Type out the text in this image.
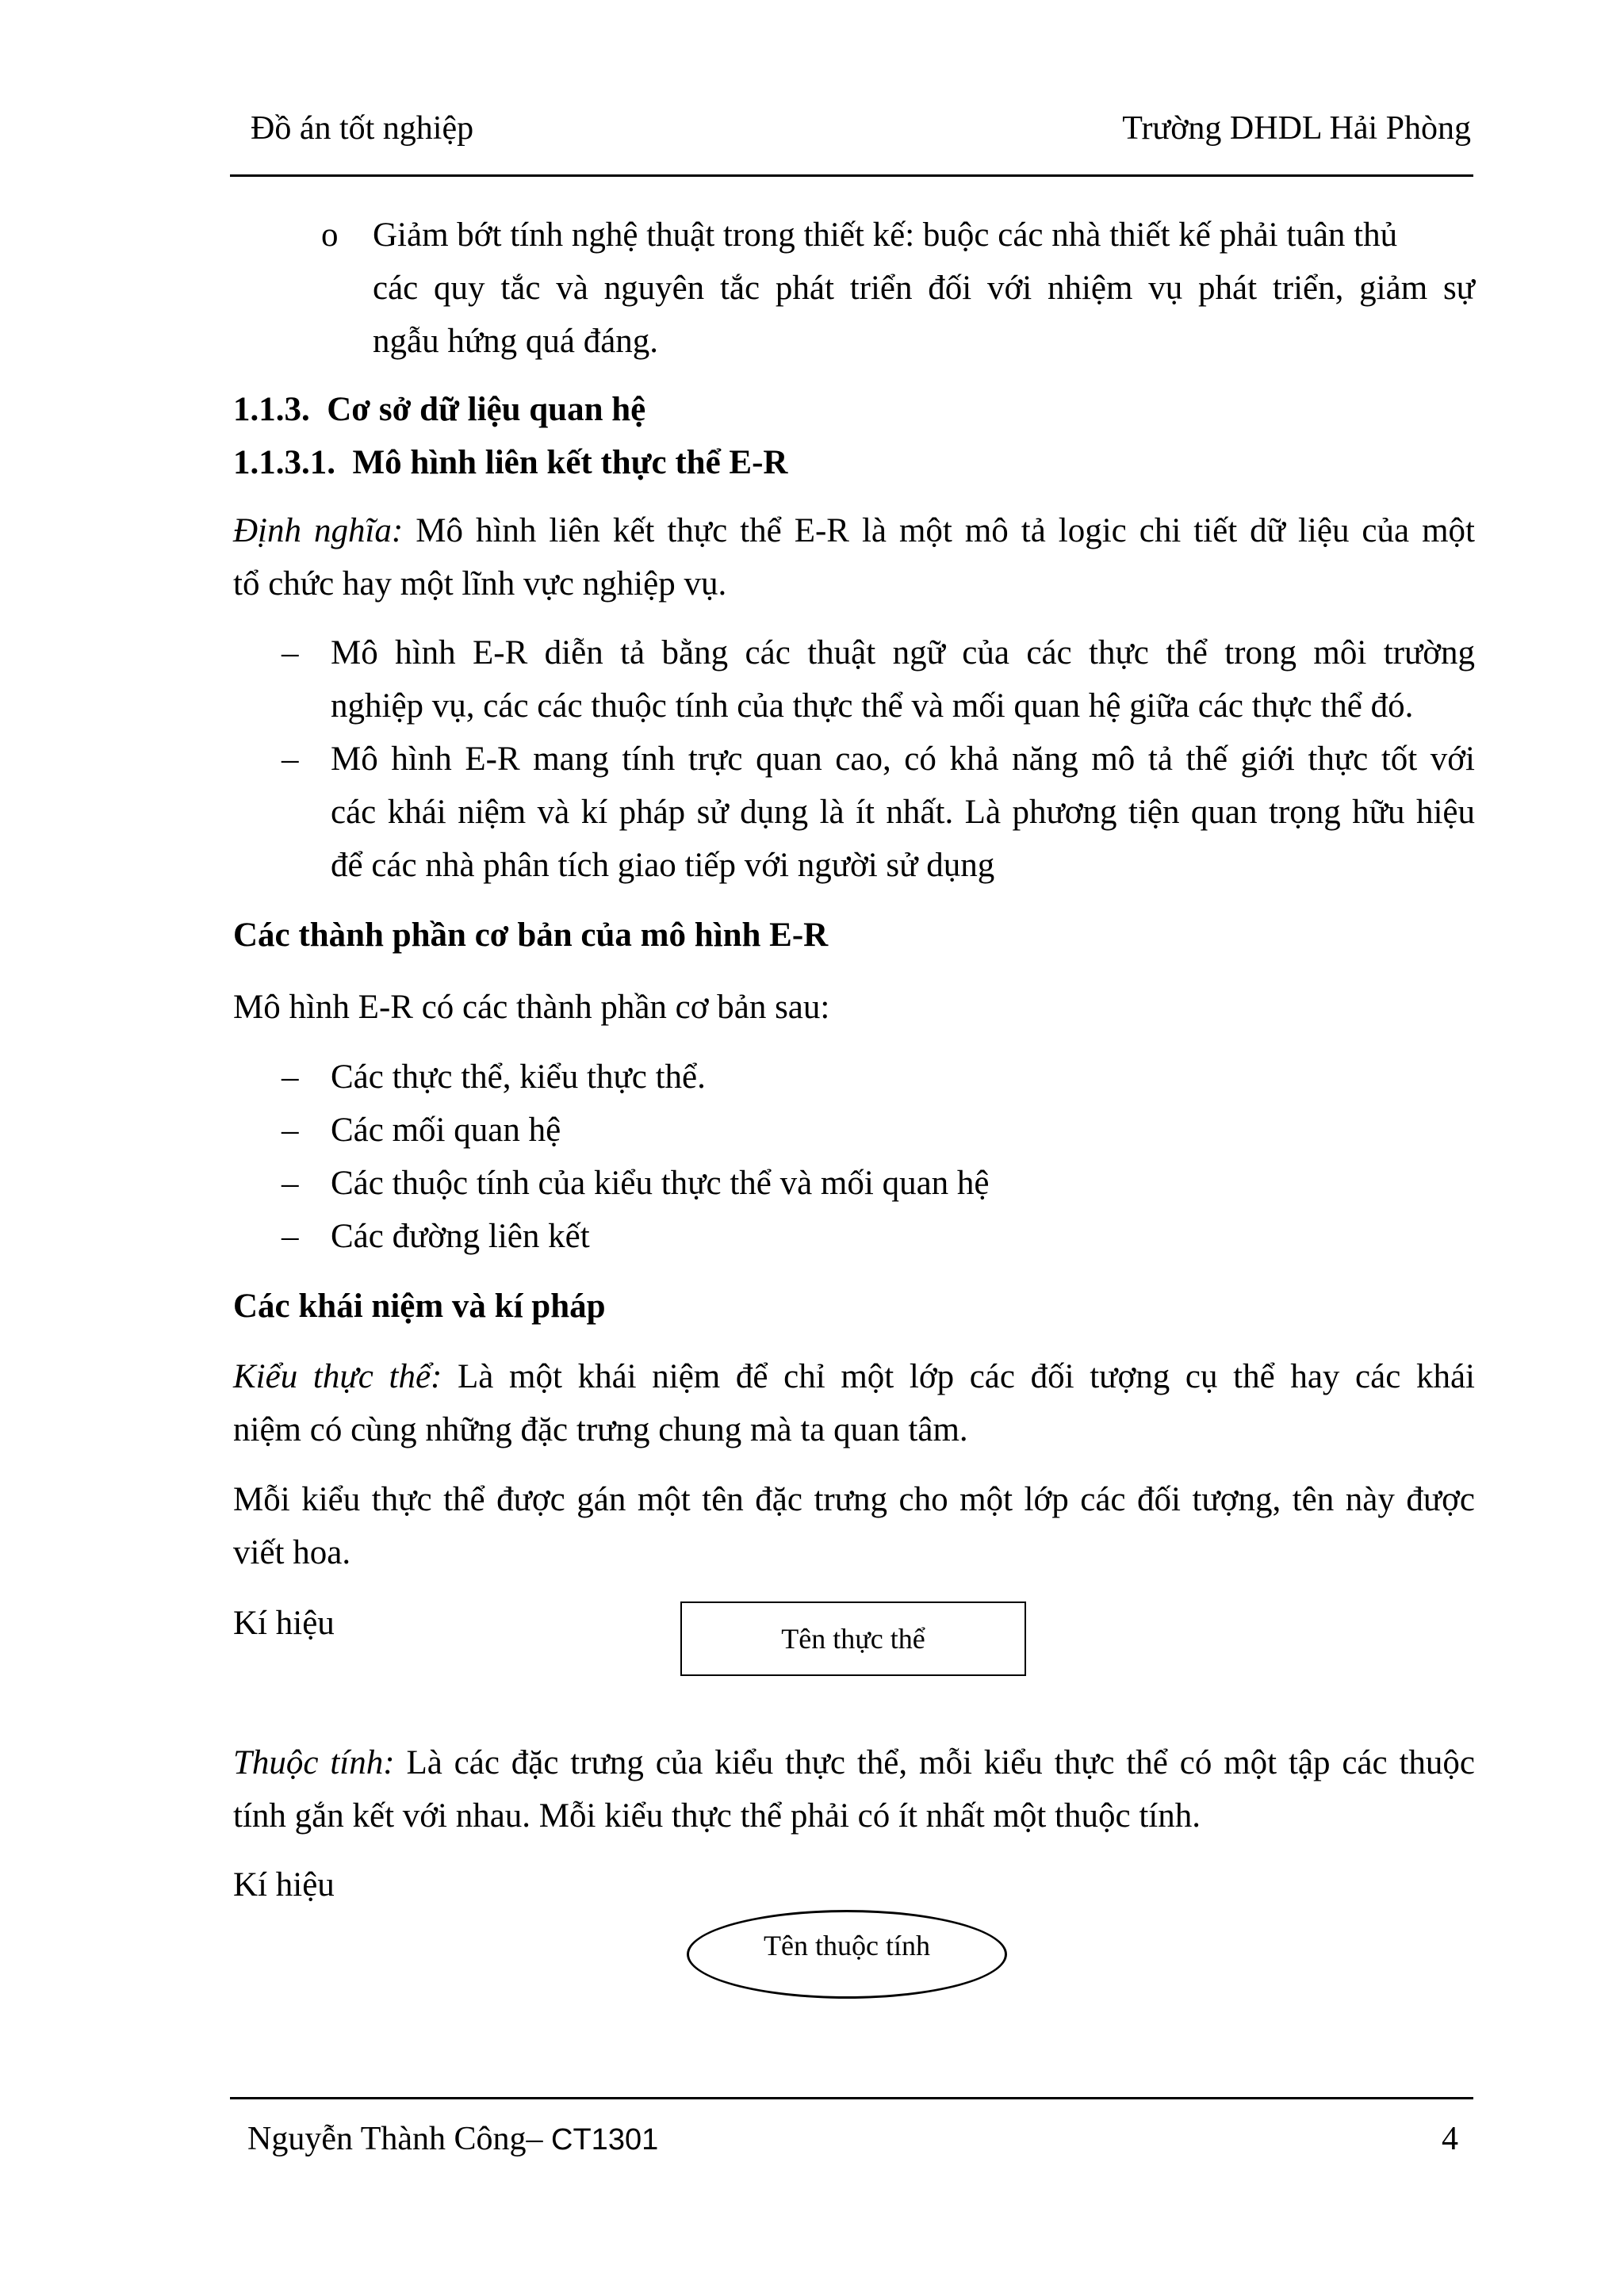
Đồ án tốt nghiệp	Trường DHDL Hải Phòng
o Giảm bớt tính nghệ thuật trong thiết kế: buộc các nhà thiết kế phải tuân thủ
các quy tắc và nguyên tắc phát triển đối với nhiệm vụ phát triển, giảm sự
ngẫu hứng quá đáng.
1.1.3. Cơ sở dữ liệu quan hệ
1.1.3.1. Mô hình liên kết thực thể E-R
Định nghĩa: Mô hình liên kết thực thể E-R là một mô tả logic chi tiết dữ liệu của một
tổ chức hay một lĩnh vực nghiệp vụ.
– Mô hình E-R diễn tả bằng các thuật ngữ của các thực thể trong môi trường
nghiệp vụ, các các thuộc tính của thực thể và mối quan hệ giữa các thực thể đó.
– Mô hình E-R mang tính trực quan cao, có khả năng mô tả thế giới thực tốt với
các khái niệm và kí pháp sử dụng là ít nhất. Là phương tiện quan trọng hữu hiệu
để các nhà phân tích giao tiếp với người sử dụng
Các thành phần cơ bản của mô hình E-R
Mô hình E-R có các thành phần cơ bản sau:
– Các thực thể, kiểu thực thể.
– Các mối quan hệ
– Các thuộc tính của kiểu thực thể và mối quan hệ
– Các đường liên kết
Các khái niệm và kí pháp
Kiểu thực thể: Là một khái niệm để chỉ một lớp các đối tượng cụ thể hay các khái
niệm có cùng những đặc trưng chung mà ta quan tâm.
Mỗi kiểu thực thể được gán một tên đặc trưng cho một lớp các đối tượng, tên này được
viết hoa.
Kí hiệu	Tên thực thể
Thuộc tính: Là các đặc trưng của kiểu thực thể, mỗi kiểu thực thể có một tập các thuộc
tính gắn kết với nhau. Mỗi kiểu thực thể phải có ít nhất một thuộc tính.
Kí hiệu
Tên thuộc tính
Nguyễn Thành Công– CT1301	4
